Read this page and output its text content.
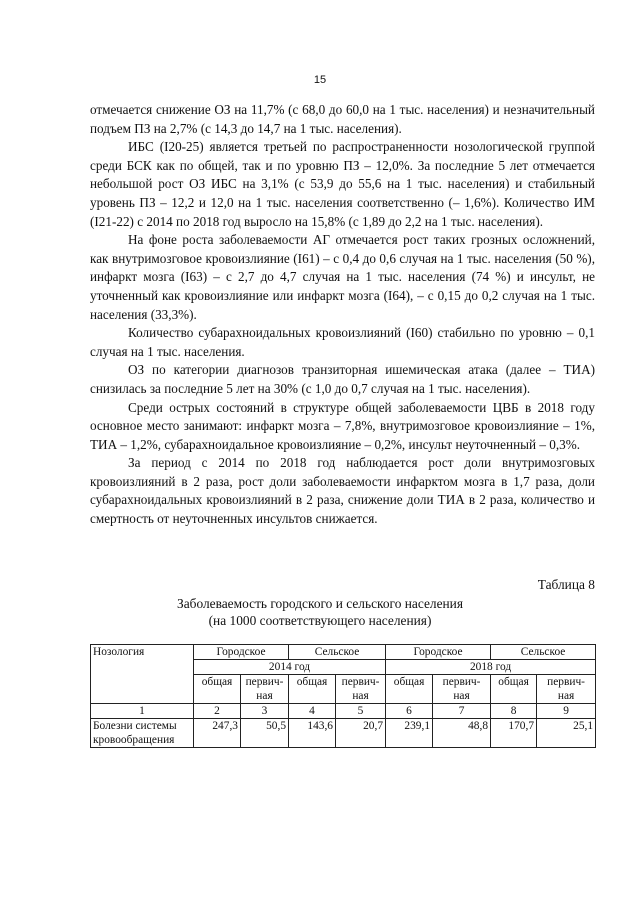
15

отмечается снижение ОЗ на 11,7% (с 68,0 до 60,0 на 1 тыс. населения) и незначительный подъем ПЗ на 2,7% (с 14,3 до 14,7 на 1 тыс. населения).

ИБС (I20-25) является третьей по распространенности нозологической группой среди БСК как по общей, так и по уровню ПЗ – 12,0%. За последние 5 лет отмечается небольшой рост ОЗ ИБС на 3,1% (с 53,9 до 55,6 на 1 тыс. населения) и стабильный уровень ПЗ – 12,2 и 12,0 на 1 тыс. населения соответственно (– 1,6%). Количество ИМ (I21-22) с 2014 по 2018 год выросло на 15,8% (с 1,89 до 2,2 на 1 тыс. населения).

На фоне роста заболеваемости АГ отмечается рост таких грозных осложнений, как внутримозговое кровоизлияние (I61) – с 0,4 до 0,6 случая на 1 тыс. населения (50 %), инфаркт мозга (I63) – с 2,7 до 4,7 случая на 1 тыс. населения (74 %) и инсульт, не уточненный как кровоизлияние или инфаркт мозга (I64), – с 0,15 до 0,2 случая на 1 тыс. населения (33,3%).

Количество субарахноидальных кровоизлияний (I60) стабильно по уровню – 0,1 случая на 1 тыс. населения.

ОЗ по категории диагнозов транзиторная ишемическая атака (далее – ТИА) снизилась за последние 5 лет на 30% (с 1,0 до 0,7 случая на 1 тыс. населения).

Среди острых состояний в структуре общей заболеваемости ЦВБ в 2018 году основное место занимают: инфаркт мозга – 7,8%, внутримозговое кровоизлияние – 1%, ТИА – 1,2%, субарахноидальное кровоизлияние – 0,2%, инсульт неуточненный – 0,3%.

За период с 2014 по 2018 год наблюдается рост доли внутримозговых кровоизлияний в 2 раза, рост доли заболеваемости инфарктом мозга в 1,7 раза, доли субарахноидальных кровоизлияний в 2 раза, снижение доли ТИА в 2 раза, количество и смертность от неуточненных инсультов снижается.

Таблица 8
Заболеваемость городского и сельского населения
(на 1000 соответствующего населения)
Нозология	Городское		Сельское		Городское		Сельское	
	2014 год				2018 год			
	общая	первич-ная	общая	первич-ная	общая	первич-ная	общая	первич-ная
1	2	3	4	5	6	7	8	9
Болезни системы кровообращения	247,3	50,5	143,6	20,7	239,1	48,8	170,7	25,1
